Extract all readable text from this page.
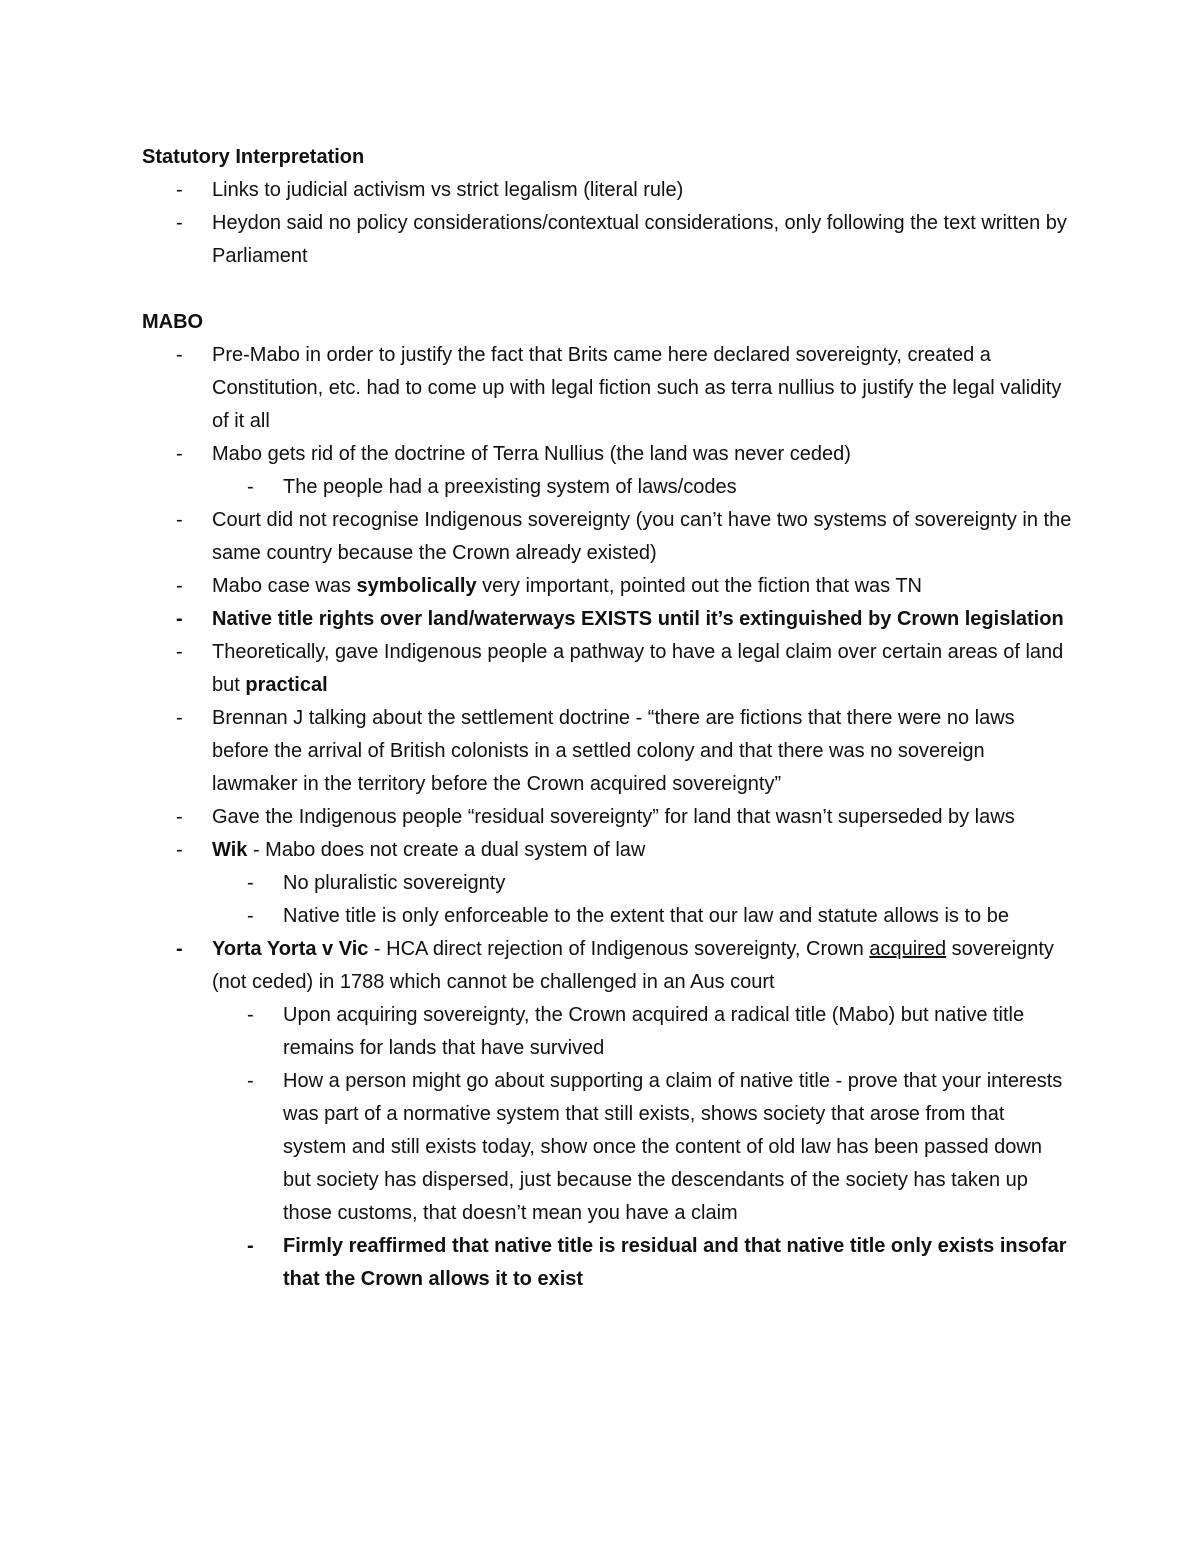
Statutory Interpretation
- Links to judicial activism vs strict legalism (literal rule)
- Heydon said no policy considerations/contextual considerations, only following the text written by Parliament
MABO
- Pre-Mabo in order to justify the fact that Brits came here declared sovereignty, created a Constitution, etc. had to come up with legal fiction such as terra nullius to justify the legal validity of it all
- Mabo gets rid of the doctrine of Terra Nullius (the land was never ceded)
- The people had a preexisting system of laws/codes
- Court did not recognise Indigenous sovereignty (you can’t have two systems of sovereignty in the same country because the Crown already existed)
- Mabo case was symbolically very important, pointed out the fiction that was TN
- Native title rights over land/waterways EXISTS until it’s extinguished by Crown legislation
- Theoretically, gave Indigenous people a pathway to have a legal claim over certain areas of land but practical
- Brennan J talking about the settlement doctrine - “there are fictions that there were no laws before the arrival of British colonists in a settled colony and that there was no sovereign lawmaker in the territory before the Crown acquired sovereignty”
- Gave the Indigenous people “residual sovereignty” for land that wasn’t superseded by laws
- Wik - Mabo does not create a dual system of law
- No pluralistic sovereignty
- Native title is only enforceable to the extent that our law and statute allows is to be
- Yorta Yorta v Vic - HCA direct rejection of Indigenous sovereignty, Crown acquired sovereignty (not ceded) in 1788 which cannot be challenged in an Aus court
- Upon acquiring sovereignty, the Crown acquired a radical title (Mabo) but native title remains for lands that have survived
- How a person might go about supporting a claim of native title - prove that your interests was part of a normative system that still exists, shows society that arose from that system and still exists today, show once the content of old law has been passed down but society has dispersed, just because the descendants of the society has taken up those customs, that doesn’t mean you have a claim
- Firmly reaffirmed that native title is residual and that native title only exists insofar that the Crown allows it to exist
